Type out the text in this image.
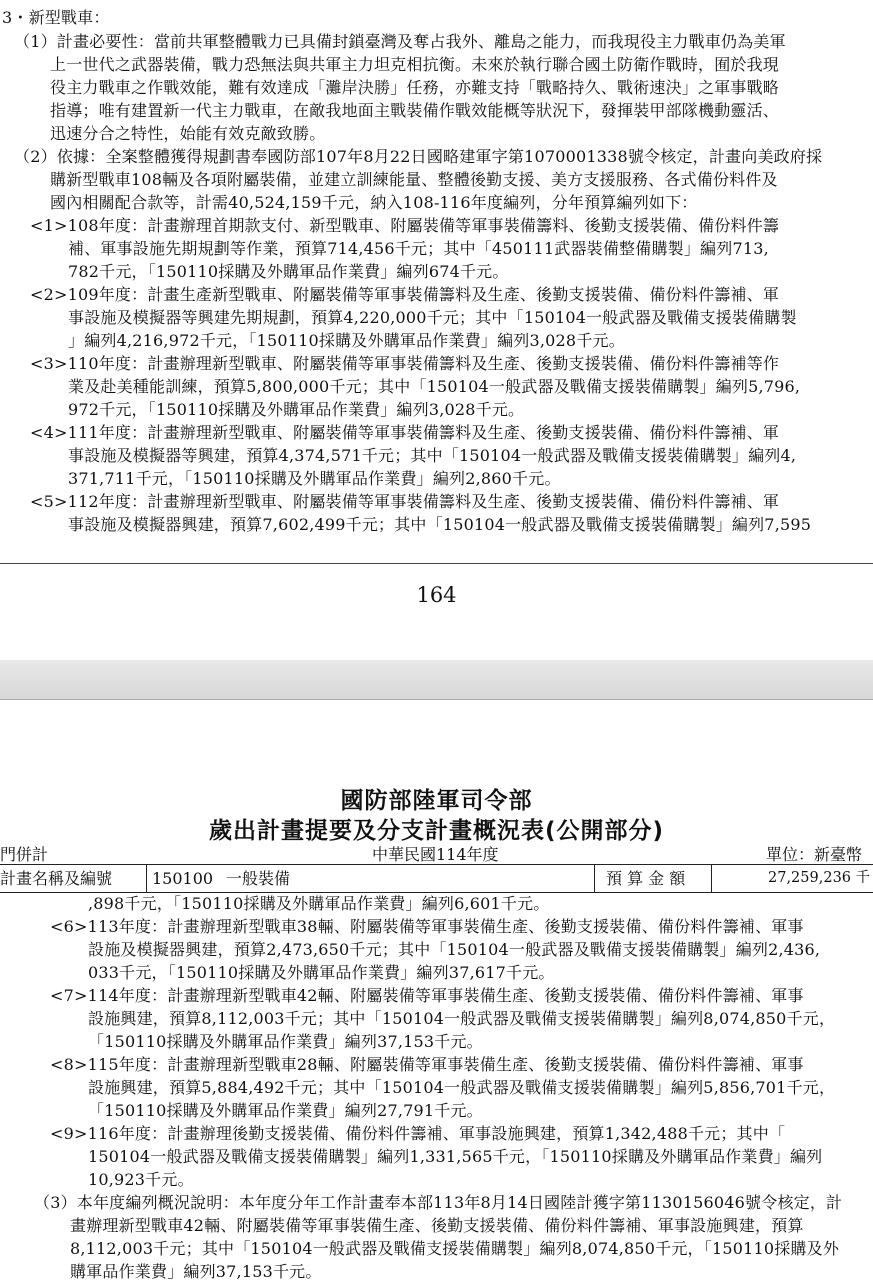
3・新型戰車：
（1）計畫必要性：當前共軍整體戰力已具備封鎖臺灣及奪占我外、離島之能力，而我現役主力戰車仍為美軍
上一世代之武器裝備，戰力恐無法與共軍主力坦克相抗衡。未來於執行聯合國土防衛作戰時，囿於我現
役主力戰車之作戰效能，難有效達成「灘岸決勝」任務，亦難支持「戰略持久、戰術速決」之軍事戰略
指導；唯有建置新一代主力戰車，在敵我地面主戰裝備作戰效能概等狀況下，發揮裝甲部隊機動靈活、
迅速分合之特性，始能有效克敵致勝。
（2）依據：全案整體獲得規劃書奉國防部107年8月22日國略建軍字第1070001338號令核定，計畫向美政府採
購新型戰車108輛及各項附屬裝備，並建立訓練能量、整體後勤支援、美方支援服務、各式備份料件及
國內相關配合款等，計需40,524,159千元，納入108-116年度編列，分年預算編列如下：
<1>108年度：計畫辦理首期款支付、新型戰車、附屬裝備等軍事裝備籌料、後勤支援裝備、備份料件籌
補、軍事設施先期規劃等作業，預算714,456千元；其中「450111武器裝備整備購製」編列713,
782千元，「150110採購及外購軍品作業費」編列674千元。
<2>109年度：計畫生產新型戰車、附屬裝備等軍事裝備籌料及生產、後勤支援裝備、備份料件籌補、軍
事設施及模擬器等興建先期規劃，預算4,220,000千元；其中「150104一般武器及戰備支援裝備購製
」編列4,216,972千元，「150110採購及外購軍品作業費」編列3,028千元。
<3>110年度：計畫辦理新型戰車、附屬裝備等軍事裝備籌料及生產、後勤支援裝備、備份料件籌補等作
業及赴美種能訓練，預算5,800,000千元；其中「150104一般武器及戰備支援裝備購製」編列5,796,
972千元，「150110採購及外購軍品作業費」編列3,028千元。
<4>111年度：計畫辦理新型戰車、附屬裝備等軍事裝備籌料及生產、後勤支援裝備、備份料件籌補、軍
事設施及模擬器等興建，預算4,374,571千元；其中「150104一般武器及戰備支援裝備購製」編列4,
371,711千元，「150110採購及外購軍品作業費」編列2,860千元。
<5>112年度：計畫辦理新型戰車、附屬裝備等軍事裝備籌料及生產、後勤支援裝備、備份料件籌補、軍
事設施及模擬器興建，預算7,602,499千元；其中「150104一般武器及戰備支援裝備購製」編列7,595
164
國防部陸軍司令部
歲出計畫提要及分支計畫概況表(公開部分)
門併計	中華民國114年度	單位：新臺幣
計畫名稱及編號 150100 一般裝備	預 算 金 額	27,259,236 千
,898千元，「150110採購及外購軍品作業費」編列6,601千元。
<6>113年度：計畫辦理新型戰車38輛、附屬裝備等軍事裝備生產、後勤支援裝備、備份料件籌補、軍事
設施及模擬器興建，預算2,473,650千元；其中「150104一般武器及戰備支援裝備購製」編列2,436,
033千元，「150110採購及外購軍品作業費」編列37,617千元。
<7>114年度：計畫辦理新型戰車42輛、附屬裝備等軍事裝備生產、後勤支援裝備、備份料件籌補、軍事
設施興建，預算8,112,003千元；其中「150104一般武器及戰備支援裝備購製」編列8,074,850千元，
「150110採購及外購軍品作業費」編列37,153千元。
<8>115年度：計畫辦理新型戰車28輛、附屬裝備等軍事裝備生產、後勤支援裝備、備份料件籌補、軍事
設施興建，預算5,884,492千元；其中「150104一般武器及戰備支援裝備購製」編列5,856,701千元，
「150110採購及外購軍品作業費」編列27,791千元。
<9>116年度：計畫辦理後勤支援裝備、備份料件籌補、軍事設施興建，預算1,342,488千元；其中「
150104一般武器及戰備支援裝備購製」編列1,331,565千元，「150110採購及外購軍品作業費」編列
10,923千元。
（3）本年度編列概況說明：本年度分年工作計畫奉本部113年8月14日國陸計獲字第1130156046號令核定，計
畫辦理新型戰車42輛、附屬裝備等軍事裝備生產、後勤支援裝備、備份料件籌補、軍事設施興建，預算
8,112,003千元；其中「150104一般武器及戰備支援裝備購製」編列8,074,850千元，「150110採購及外
購軍品作業費」編列37,153千元。
